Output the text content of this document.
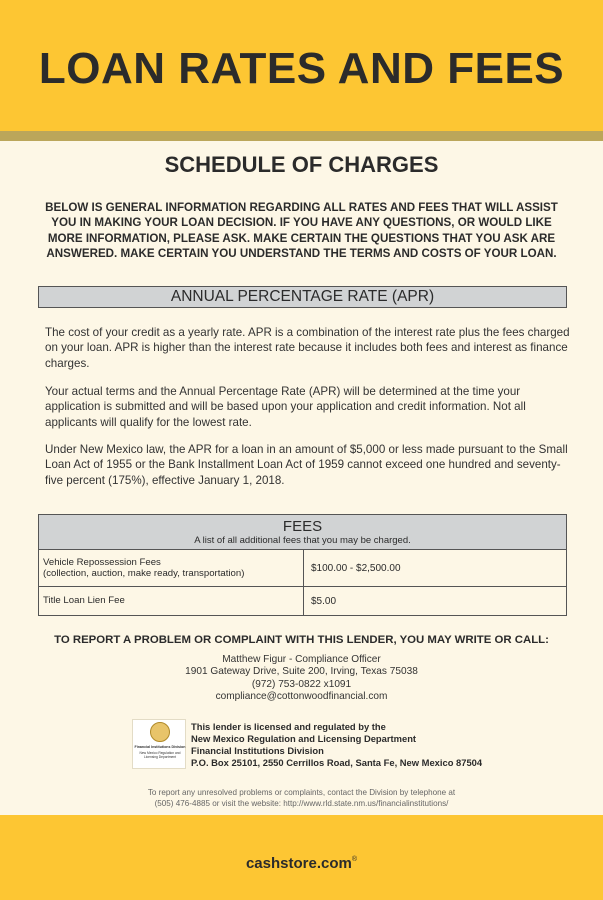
LOAN RATES AND FEES
SCHEDULE OF CHARGES
BELOW IS GENERAL INFORMATION REGARDING ALL RATES AND FEES THAT WILL ASSIST YOU IN MAKING YOUR LOAN DECISION. IF YOU HAVE ANY QUESTIONS, OR WOULD LIKE MORE INFORMATION, PLEASE ASK. MAKE CERTAIN THE QUESTIONS THAT YOU ASK ARE ANSWERED. MAKE CERTAIN YOU UNDERSTAND THE TERMS AND COSTS OF YOUR LOAN.
ANNUAL PERCENTAGE RATE (APR)
The cost of your credit as a yearly rate. APR is a combination of the interest rate plus the fees charged on your loan. APR is higher than the interest rate because it includes both fees and interest as finance charges.
Your actual terms and the Annual Percentage Rate (APR) will be determined at the time your application is submitted and will be based upon your application and credit information. Not all applicants will qualify for the lowest rate.
Under New Mexico law, the APR for a loan in an amount of $5,000 or less made pursuant to the Small Loan Act of 1955 or the Bank Installment Loan Act of 1959 cannot exceed one hundred and seventy-five percent (175%), effective January 1, 2018.
FEES
A list of all additional fees that you may be charged.
Vehicle Repossession Fees
(collection, auction, make ready, transportation)	$100.00 - $2,500.00
Title Loan Lien Fee	$5.00
TO REPORT A PROBLEM OR COMPLAINT WITH THIS LENDER, YOU MAY WRITE OR CALL:
Matthew Figur - Compliance Officer
1901 Gateway Drive, Suite 200, Irving, Texas 75038
(972) 753-0822 x1091
compliance@cottonwoodfinancial.com
Financial Institutions Division
New Mexico Regulation and Licensing Department
This lender is licensed and regulated by the
New Mexico Regulation and Licensing Department
Financial Institutions Division
P.O. Box 25101, 2550 Cerrillos Road, Santa Fe, New Mexico 87504
To report any unresolved problems or complaints, contact the Division by telephone at
(505) 476-4885 or visit the website: http://www.rld.state.nm.us/financialinstitutions/
cashstore.com®
